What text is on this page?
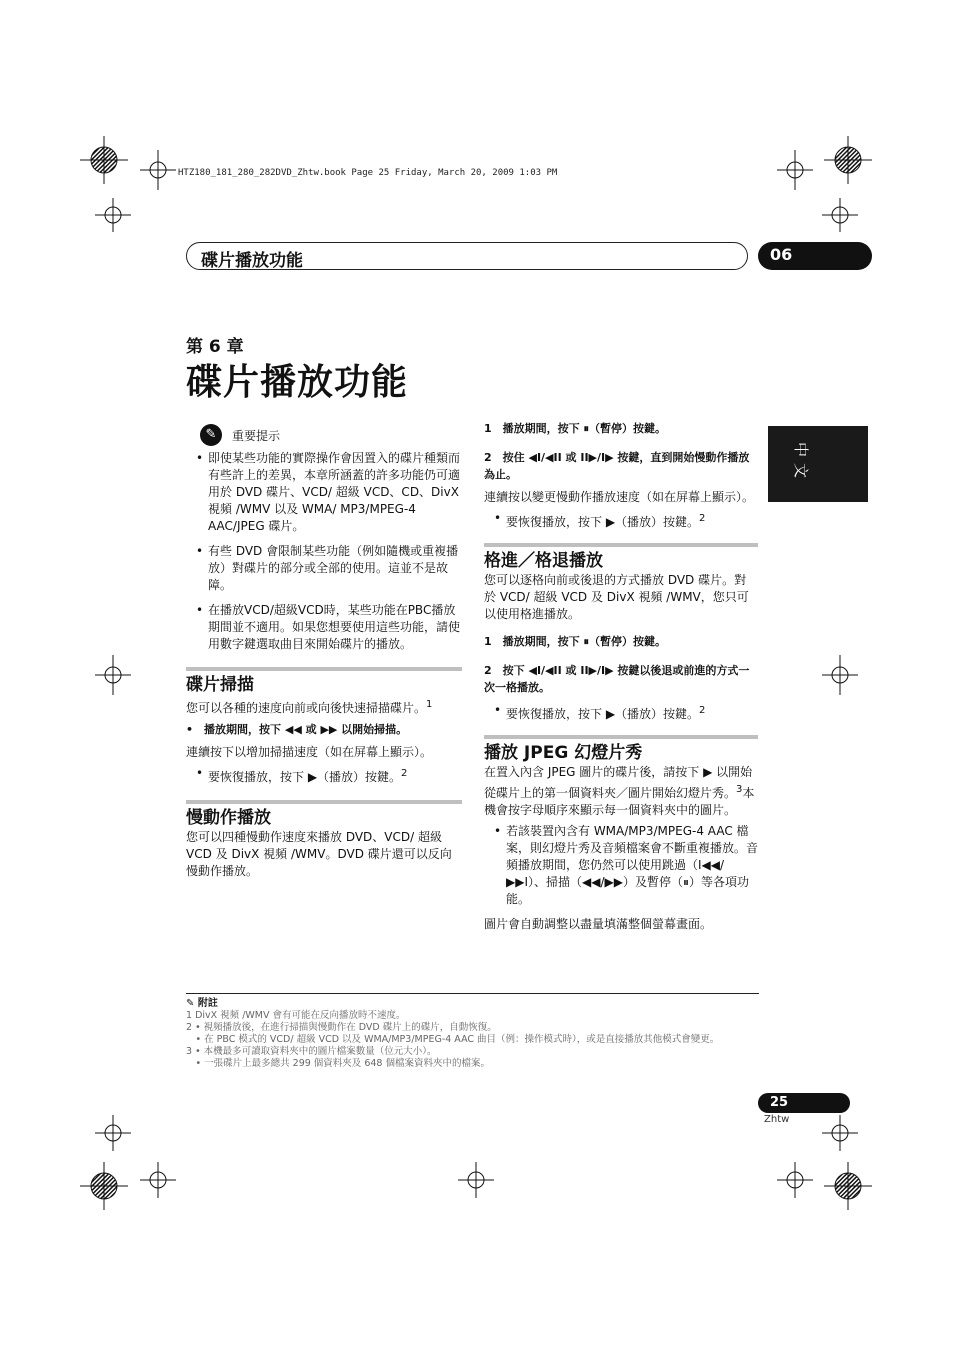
HTZ180_181_280_282DVD_Zhtw.book Page 25 Friday, March 20, 2009 1:03 PM
碟片播放功能	06
第 6 章
碟片播放功能
中文
✎	重要提示
• 即使某些功能的實際操作會因置入的碟片種類而有些許上的差異，本章所涵蓋的許多功能仍可適用於 DVD 碟片、VCD/ 超級 VCD、CD、DivX 視頻 /WMV 以及 WMA/ MP3/MPEG-4 AAC/JPEG 碟片。
• 有些 DVD 會限制某些功能（例如隨機或重複播放）對碟片的部分或全部的使用。這並不是故障。
• 在播放VCD/超級VCD時，某些功能在PBC播放期間並不適用。如果您想要使用這些功能，請使用數字鍵選取曲目來開始碟片的播放。
碟片掃描

您可以各種的速度向前或向後快速掃描碟片。$^1$

•　播放期間，按下 ◀◀ 或 ▶▶ 以開始掃描。

連續按下以增加掃描速度（如在屏幕上顯示）。

• 要恢復播放，按下 ▶（播放）按鍵。$^2$
慢動作播放

您可以四種慢動作速度來播放 DVD、VCD/ 超級 VCD 及 DivX 視頻 /WMV。DVD 碟片還可以反向慢動作播放。

1　播放期間，按下 ⏸（暫停）按鍵。
2　按住 ◀I/◀II 或 II▶/I▶ 按鍵，直到開始慢動作播放為止。

連續按以變更慢動作播放速度（如在屏幕上顯示）。

• 要恢復播放，按下 ▶（播放）按鍵。$^2$
格進／格退播放

您可以逐格向前或後退的方式播放 DVD 碟片。對於 VCD/ 超級 VCD 及 DivX 視頻 /WMV，您只可以使用格進播放。

1　播放期間，按下 ⏸（暫停）按鍵。
2　按下 ◀I/◀II 或 II▶/I▶ 按鍵以後退或前進的方式一次一格播放。
• 要恢復播放，按下 ▶（播放）按鍵。$^2$
播放 JPEG 幻燈片秀

在置入內含 JPEG 圖片的碟片後，請按下 ▶ 以開始從碟片上的第一個資料夾／圖片開始幻燈片秀。$^3$本機會按字母順序來顯示每一個資料夾中的圖片。

• 若該裝置內含有 WMA/MP3/MPEG-4 AAC 檔案，則幻燈片秀及音頻檔案會不斷重複播放。音頻播放期間，您仍然可以使用跳過（I◀◀/▶▶I）、掃描（◀◀/▶▶）及暫停（⏸）等各項功能。

圖片會自動調整以盡量填滿整個螢幕畫面。

✎ 附註
1 DivX 視頻 /WMV 會有可能在反向播放時不速度。
2 • 視頻播放後，在進行掃描與慢動作在 DVD 碟片上的碟片，自動恢復。
　• 在 PBC 模式的 VCD/ 超級 VCD 以及 WMA/MP3/MPEG-4 AAC 曲目（例：操作模式時），或是直接播放其他模式會變更。
3 • 本機最多可讀取資料夾中的圖片檔案數量（位元大小）。
　• 一張碟片上最多總共 299 個資料夾及 648 個檔案資料夾中的檔案。
25
Zhtw
